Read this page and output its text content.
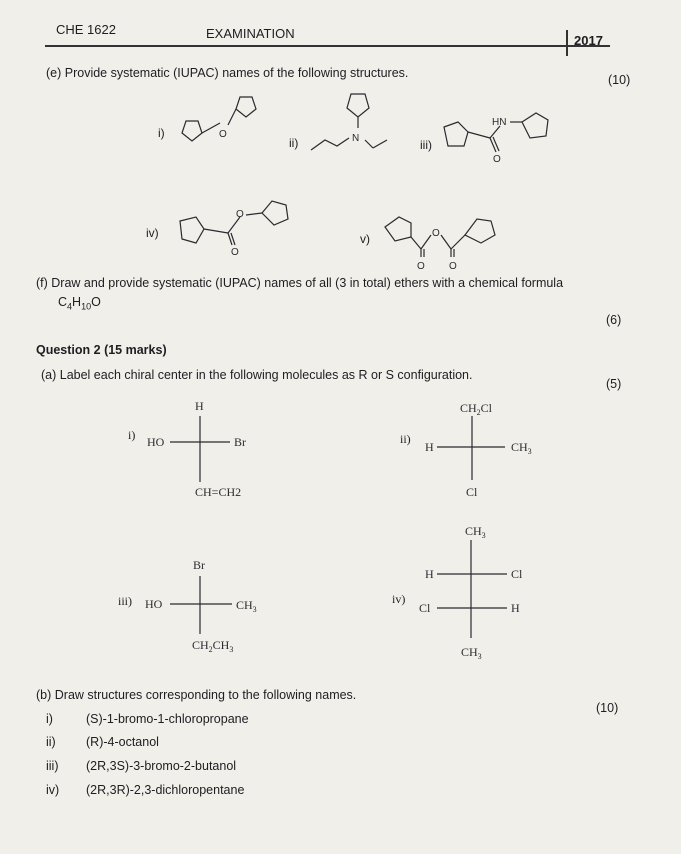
CHE 1622	EXAMINATION	2017
(e) Provide systematic (IUPAC) names of the following structures.	(10)
i)	O
ii)	N	iii)
HN
O
iv)
O
O
v)	O
O O
(f) Draw and provide systematic (IUPAC) names of all (3 in total) ethers with a chemical formula
$C_4H_{10}O$
(6)
Question 2 (15 marks)
(a) Label each chiral center in the following molecules as R or S configuration.
(5)
i)
H
HO	Br
CH=CH2
ii)
$CH_2Cl$
H	$CH_3$
Cl
iii)
Br
HO	$CH_3$
$CH_2CH_3$
iv)
$CH_3$
H	Cl
Cl	H
$CH_3$
(b) Draw structures corresponding to the following names.
(10)
i)	(S)-1-bromo-1-chloropropane
ii) (R)-4-octanol
iii) (2R,3S)-3-bromo-2-butanol
iv) (2R,3R)-2,3-dichloropentane
